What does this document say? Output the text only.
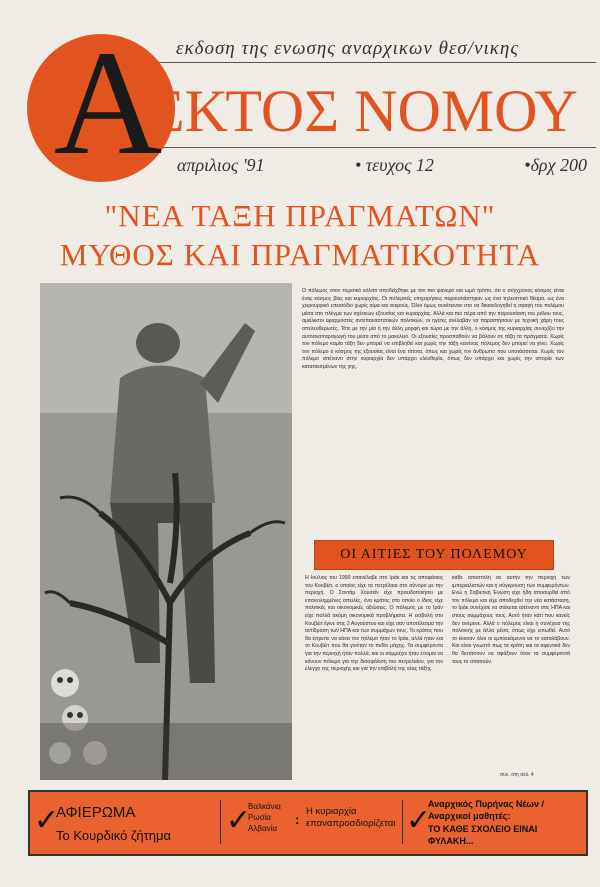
εκδοση της ενωσης αναρχικων θεσ/νικης
Α
ΕΚΤΟΣ ΝΟΜΟΥ
απριλιος '91	• τευχος 12	•δρχ 200
"ΝΕΑ ΤΑΞΗ ΠΡΑΓΜΑΤΩΝ"
ΜΥΘΟΣ ΚΑΙ ΠΡΑΓΜΑΤΙΚΟΤΗΤΑ
Ο πόλεμος στον περσικό κόλπο αποδείχθηκε με τον πιο φανερό και ωμό τρόπο, ότι ο σύγχρονος κόσμος είναι ένας κόσμος βίας και κυριαρχίας. Οι πολεμικές επιχειρήσεις παρουσιάστηκαν ως ένα τηλεοπτικό θέαμα, ως ένα χειρουργικό επεισόδιο χωρίς αίμα και νεκρούς. Όλοι όμως συνέτειναν στο να δικαιολογηθεί η σφαγή του πολέμου μέσα στο πλέγμα των σχέσεων εξουσίας και κυριαρχίας. Αλλά και πιο πέρα από την παρουσίαση του ρόλου τους, αμείλικτοι εφαρμοστές αντεπαναστατικών πολιτικών, οι ηγέτες ανέλαβαν να παραστήσουν με τεχνική χάρη τους απελευθερωτές. Τότε με την μία ή την άλλη μορφή και τώρα με την άλλη, ο κόσμος της κυριαρχίας συνεχίζει την αυτοαναπαραγωγή του μέσα από το μακελειό. Οι εξουσίες προσπαθούν να βάλουν σε τάξη τα πράγματα. Χωρίς τον πόλεμο καμία τάξη δεν μπορεί να επιβληθεί και χωρίς την τάξη κανένας πόλεμος δεν μπορεί να γίνει. Χωρίς τον πόλεμο ο κόσμος της εξουσίας είναι ένα τίποτα, όπως και χωρίς τον άνθρωπο που υποτάσσεται. Χωρίς τον πόλεμο απέναντι στην κυριαρχία δεν υπάρχει ελευθερία, όπως δεν υπάρχει και χωρίς την ιστορία των καταπιεσμένων της γης.
ΟΙ ΑΙΤΙΕΣ ΤΟΥ ΠΟΛΕΜΟΥ
Η Ιούλιος του 1990 επανέλαβε στο Ιράκ και τις αποφάσεις του Κουβέιτ, ο οποίος είχε τα πετρέλαια στο σύνορο με την περιοχή. Ο Σαντάμ Χουσεΐν είχε προειδοποιήσει με επανειλημμένες απειλές, ένα κράτος στο οποίο ο ίδιος είχε πολιτικές και οικονομικές αξιώσεις. Ο πόλεμος με το Ιράν είχε πολλά ακόμη οικονομικά προβλήματα. Η εισβολή στο Κουβέιτ έγινε στις 2 Αυγούστου και είχε σαν αποτέλεσμα την αντίδραση των ΗΠΑ και των συμμάχων τους. Το κράτος που θα έπρεπε να κάνει τον πόλεμο ήταν το Ιράκ, αλλά ήταν και το Κουβέιτ που θα γινόταν το πεδίο μάχης. Τα συμφέροντα για την περιοχή ήταν πολλά, και οι σύμμαχοι ήταν έτοιμοι να κάνουν πόλεμο για την διασφάλιση του πετρελαίου, για τον έλεγχο της περιοχής και για την επιβολή της νέας τάξης.
κάθε αποστολή σε αυτήν την περιοχή των ιμπεριαλιστών και η σύγκρουση των συμφερόντων. Ενώ η Σοβιετική Ένωση είχε ήδη αποσυρθεί από τον πόλεμο και είχε αποδεχθεί την νέα κατάσταση, το Ιράκ συνέχισε να στέκεται απέναντι στις ΗΠΑ και στους συμμάχους τους. Αυτό ήταν κάτι που κανείς δεν ανέμενε. Αλλά ο πόλεμος είναι η συνέχεια της πολιτικής με άλλα μέσα, όπως είχε ειπωθεί. Αυτό το έκαναν όλοι οι εμπλεκόμενοι να το καταλάβουν. Και είναι γνωστό πως τα κράτη και τα αφεντικά δεν θα διστάσουν να σφάξουν όταν τα συμφέροντά τους το απαιτούν.
συν. στη σελ. 4
✓
ΑΦΙΕΡΩΜΑ
Το Κουρδικό ζήτημα ✓
Βαλκάνια
Ρωσία
Αλβανία
:
Η κυριαρχία επαναπροσδιορίζεται ✓
Αναρχικός Πυρήνας Νέων / Αναρχικοί μαθητές:
ΤΟ ΚΑΘΕ ΣΧΟΛΕΙΟ ΕΙΝΑΙ ΦΥΛΑΚΗ...
